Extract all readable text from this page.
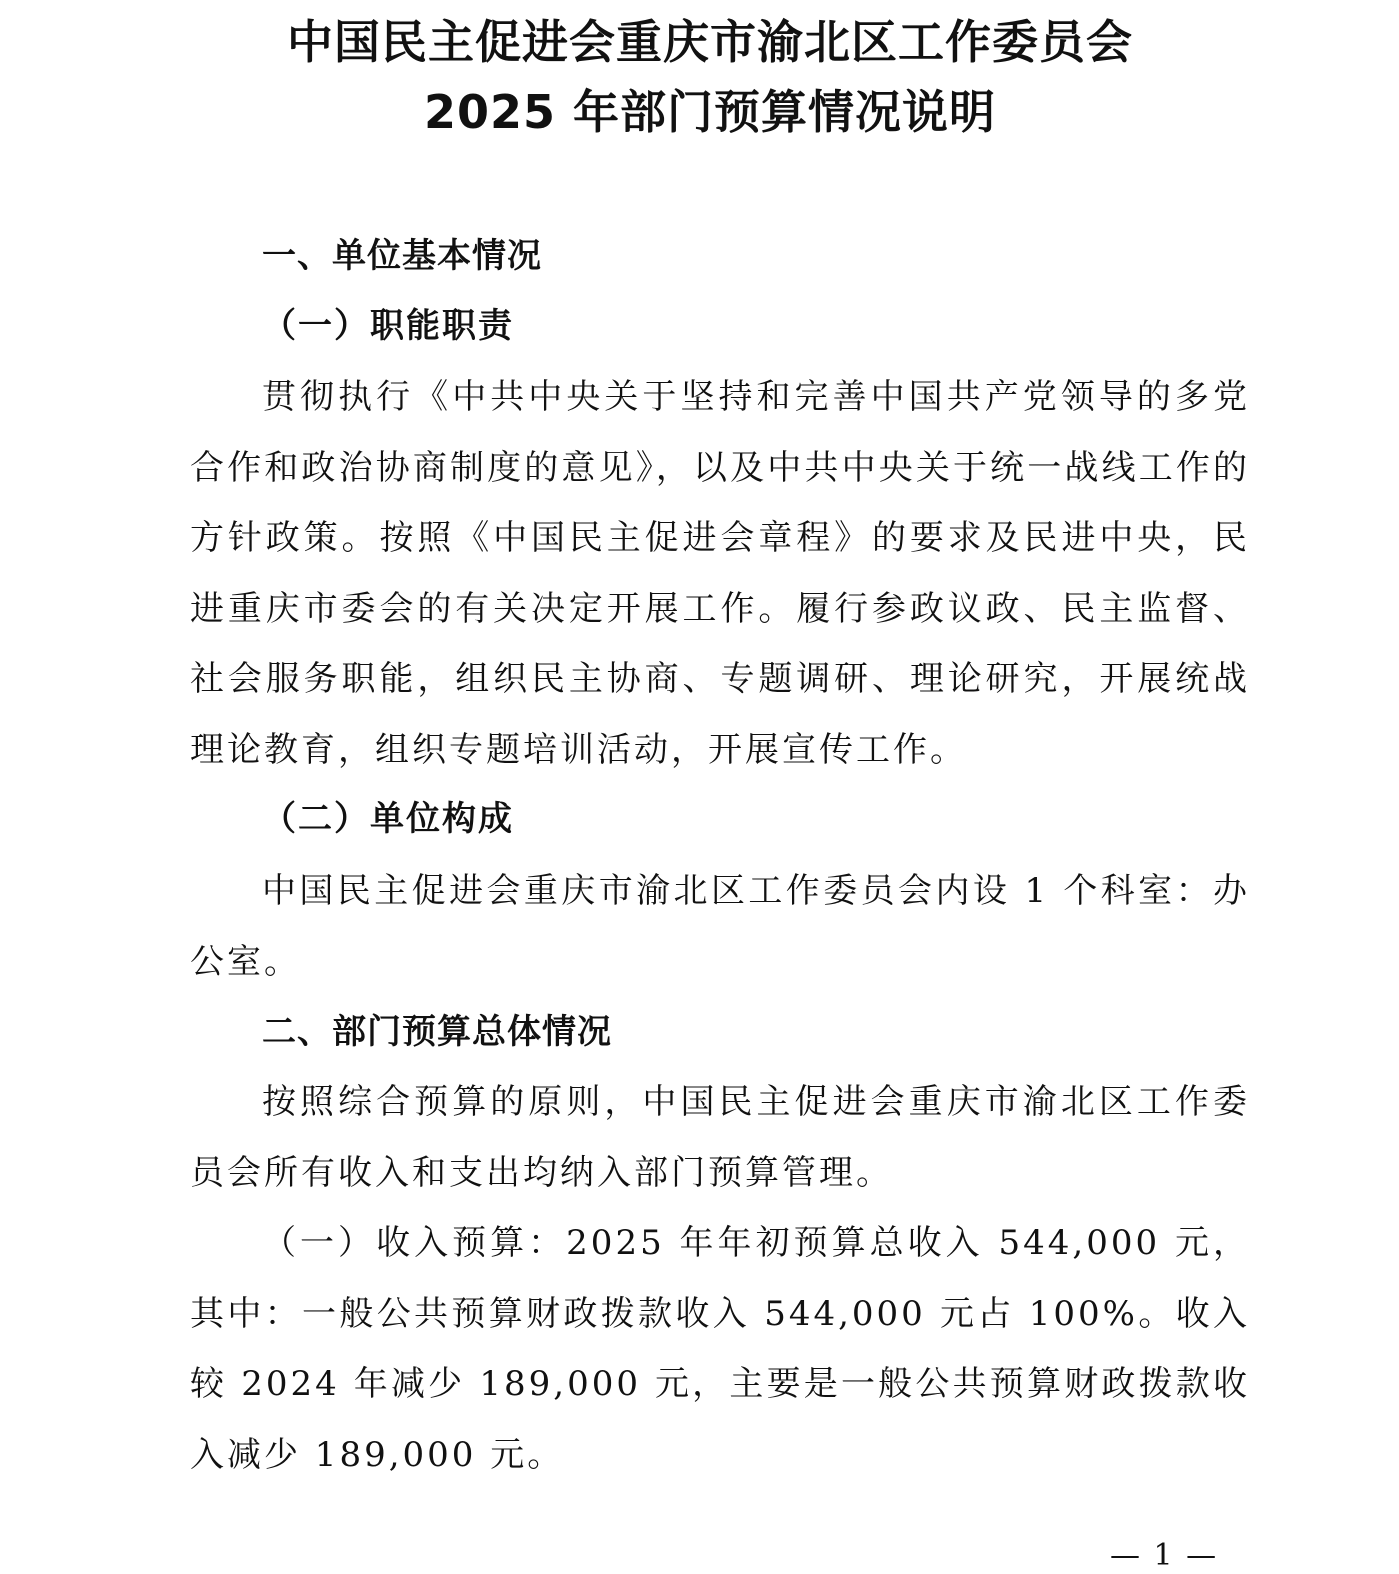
中国民主促进会重庆市渝北区工作委员会
2025 年部门预算情况说明
一、单位基本情况
（一）职能职责

贯彻执行《中共中央关于坚持和完善中国共产党领导的多党合作和政治协商制度的意见》，以及中共中央关于统一战线工作的方针政策。按照《中国民主促进会章程》的要求及民进中央，民进重庆市委会的有关决定开展工作。履行参政议政、民主监督、社会服务职能，组织民主协商、专题调研、理论研究，开展统战理论教育，组织专题培训活动，开展宣传工作。

（二）单位构成

中国民主促进会重庆市渝北区工作委员会内设 1 个科室：办公室。

二、部门预算总体情况

按照综合预算的原则，中国民主促进会重庆市渝北区工作委员会所有收入和支出均纳入部门预算管理。

（一）收入预算：2025 年年初预算总收入 544,000 元，其中：一般公共预算财政拨款收入 544,000 元占 100%。收入较 2024 年减少 189,000 元，主要是一般公共预算财政拨款收入减少 189,000 元。

— 1 —
